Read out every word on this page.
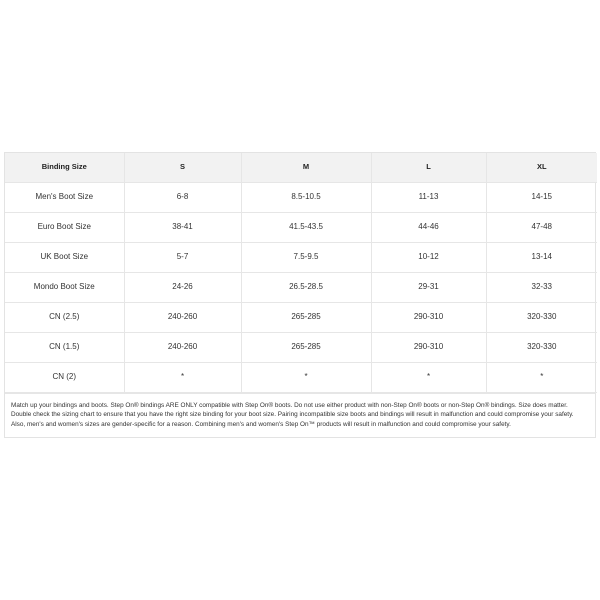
Binding Size	S	M	L	XL
Men's Boot Size	6-8	8.5-10.5	11-13	14-15
Euro Boot Size	38-41	41.5-43.5	44-46	47-48
UK Boot Size	5-7	7.5-9.5	10-12	13-14
Mondo Boot Size	24-26	26.5-28.5	29-31	32-33
CN (2.5)	240-260	265-285	290-310	320-330
CN (1.5)	240-260	265-285	290-310	320-330
CN (2)	*	*	*	*
Match up your bindings and boots. Step On® bindings ARE ONLY compatible with Step On® boots. Do not use either product with non-Step On® boots or non-Step On® bindings. Size does matter. Double check the sizing chart to ensure that you have the right size binding for your boot size. Pairing incompatible size boots and bindings will result in malfunction and could compromise your safety. Also, men's and women's sizes are gender-specific for a reason. Combining men's and women's Step On™ products will result in malfunction and could compromise your safety.
